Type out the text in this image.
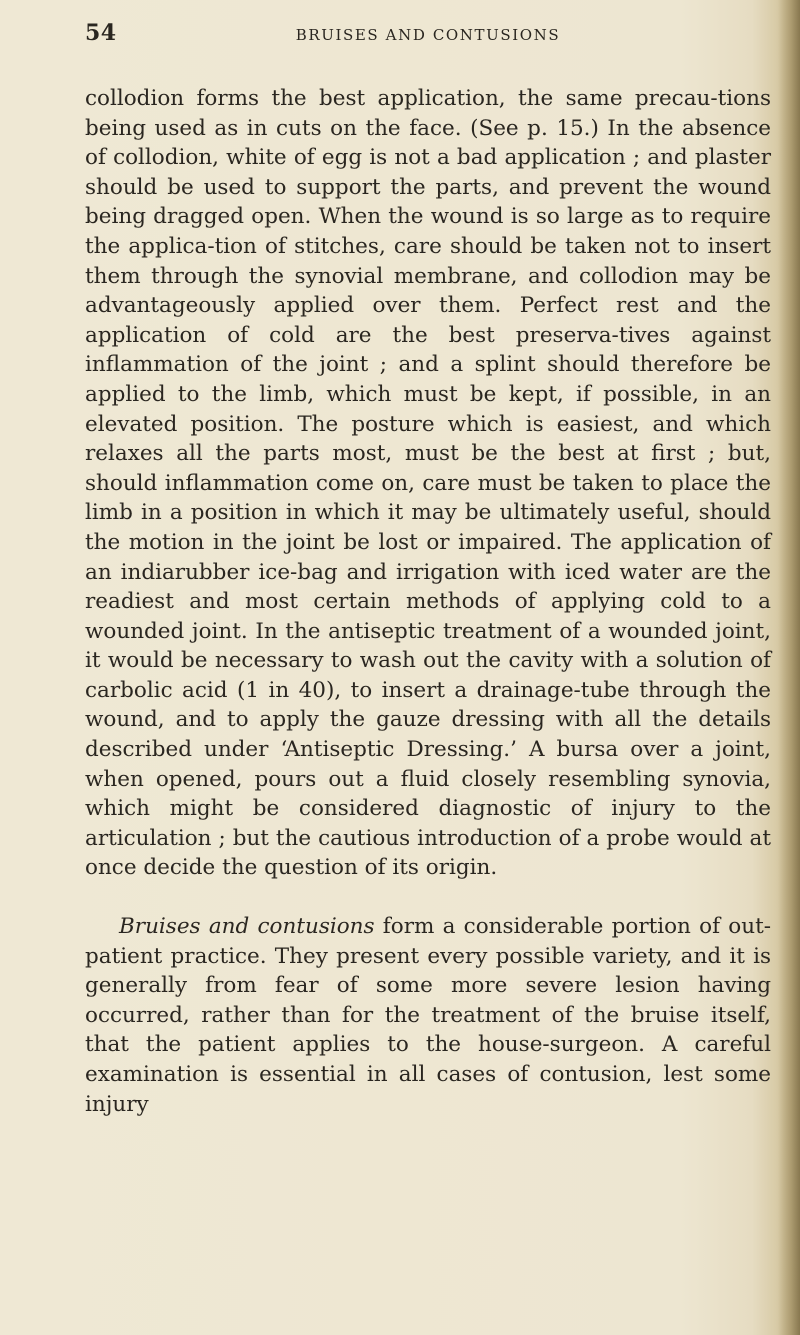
54	BRUISES AND CONTUSIONS

collodion forms the best application, the same precau-tions being used as in cuts on the face. (See p. 15.) In the absence of collodion, white of egg is not a bad application ; and plaster should be used to support the parts, and prevent the wound being dragged open. When the wound is so large as to require the applica-tion of stitches, care should be taken not to insert them through the synovial membrane, and collodion may be advantageously applied over them. Perfect rest and the application of cold are the best preserva-tives against inflammation of the joint ; and a splint should therefore be applied to the limb, which must be kept, if possible, in an elevated position. The posture which is easiest, and which relaxes all the parts most, must be the best at first ; but, should inflammation come on, care must be taken to place the limb in a position in which it may be ultimately useful, should the motion in the joint be lost or impaired. The application of an indiarubber ice-bag and irrigation with iced water are the readiest and most certain methods of applying cold to a wounded joint. In the antiseptic treatment of a wounded joint, it would be necessary to wash out the cavity with a solution of carbolic acid (1 in 40), to insert a drainage-tube through the wound, and to apply the gauze dressing with all the details described under ‘Antiseptic Dressing.’ A bursa over a joint, when opened, pours out a fluid closely resembling synovia, which might be considered diagnostic of injury to the articulation ; but the cautious introduction of a probe would at once decide the question of its origin.

Bruises and contusions form a considerable portion of out-patient practice. They present every possible variety, and it is generally from fear of some more severe lesion having occurred, rather than for the treatment of the bruise itself, that the patient applies to the house-surgeon. A careful examination is essential in all cases of contusion, lest some injury
